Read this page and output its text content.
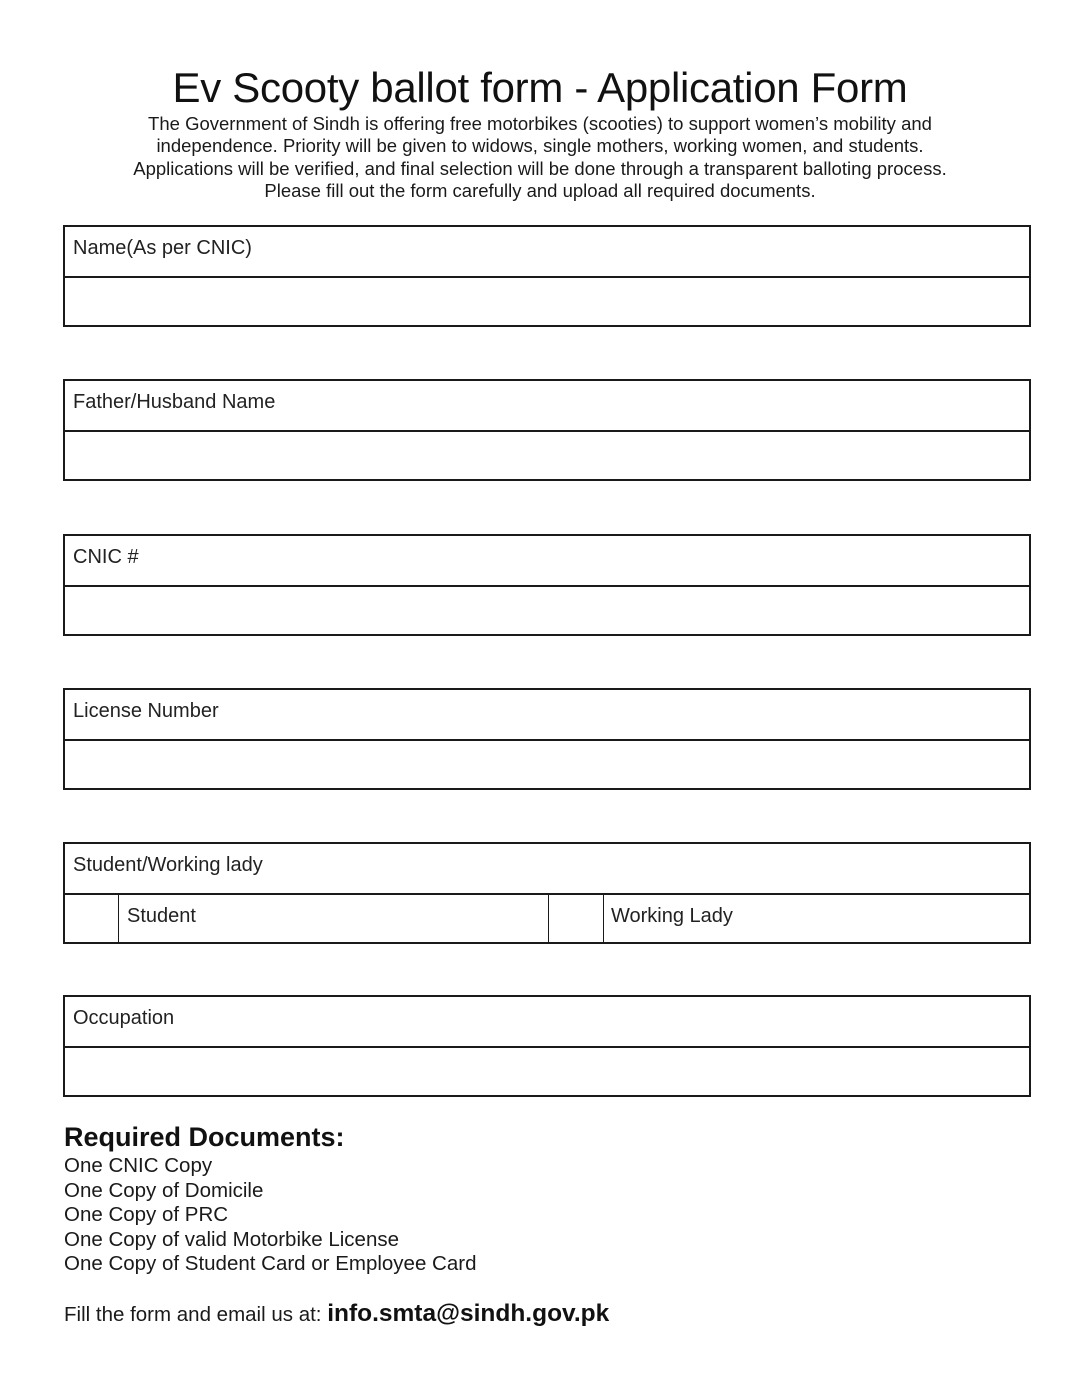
Ev Scooty ballot form - Application Form
The Government of Sindh is offering free motorbikes (scooties) to support women’s mobility and
independence. Priority will be given to widows, single mothers, working women, and students.
Applications will be verified, and final selection will be done through a transparent balloting process.
Please fill out the form carefully and upload all required documents.
Name(As per CNIC)
Father/Husband Name
CNIC #
License Number
Student/Working lady
Student	Working Lady
Occupation
Required Documents:
One CNIC Copy
One Copy of Domicile
One Copy of PRC
One Copy of valid Motorbike License
One Copy of Student Card or Employee Card
Fill the form and email us at: info.smta@sindh.gov.pk
